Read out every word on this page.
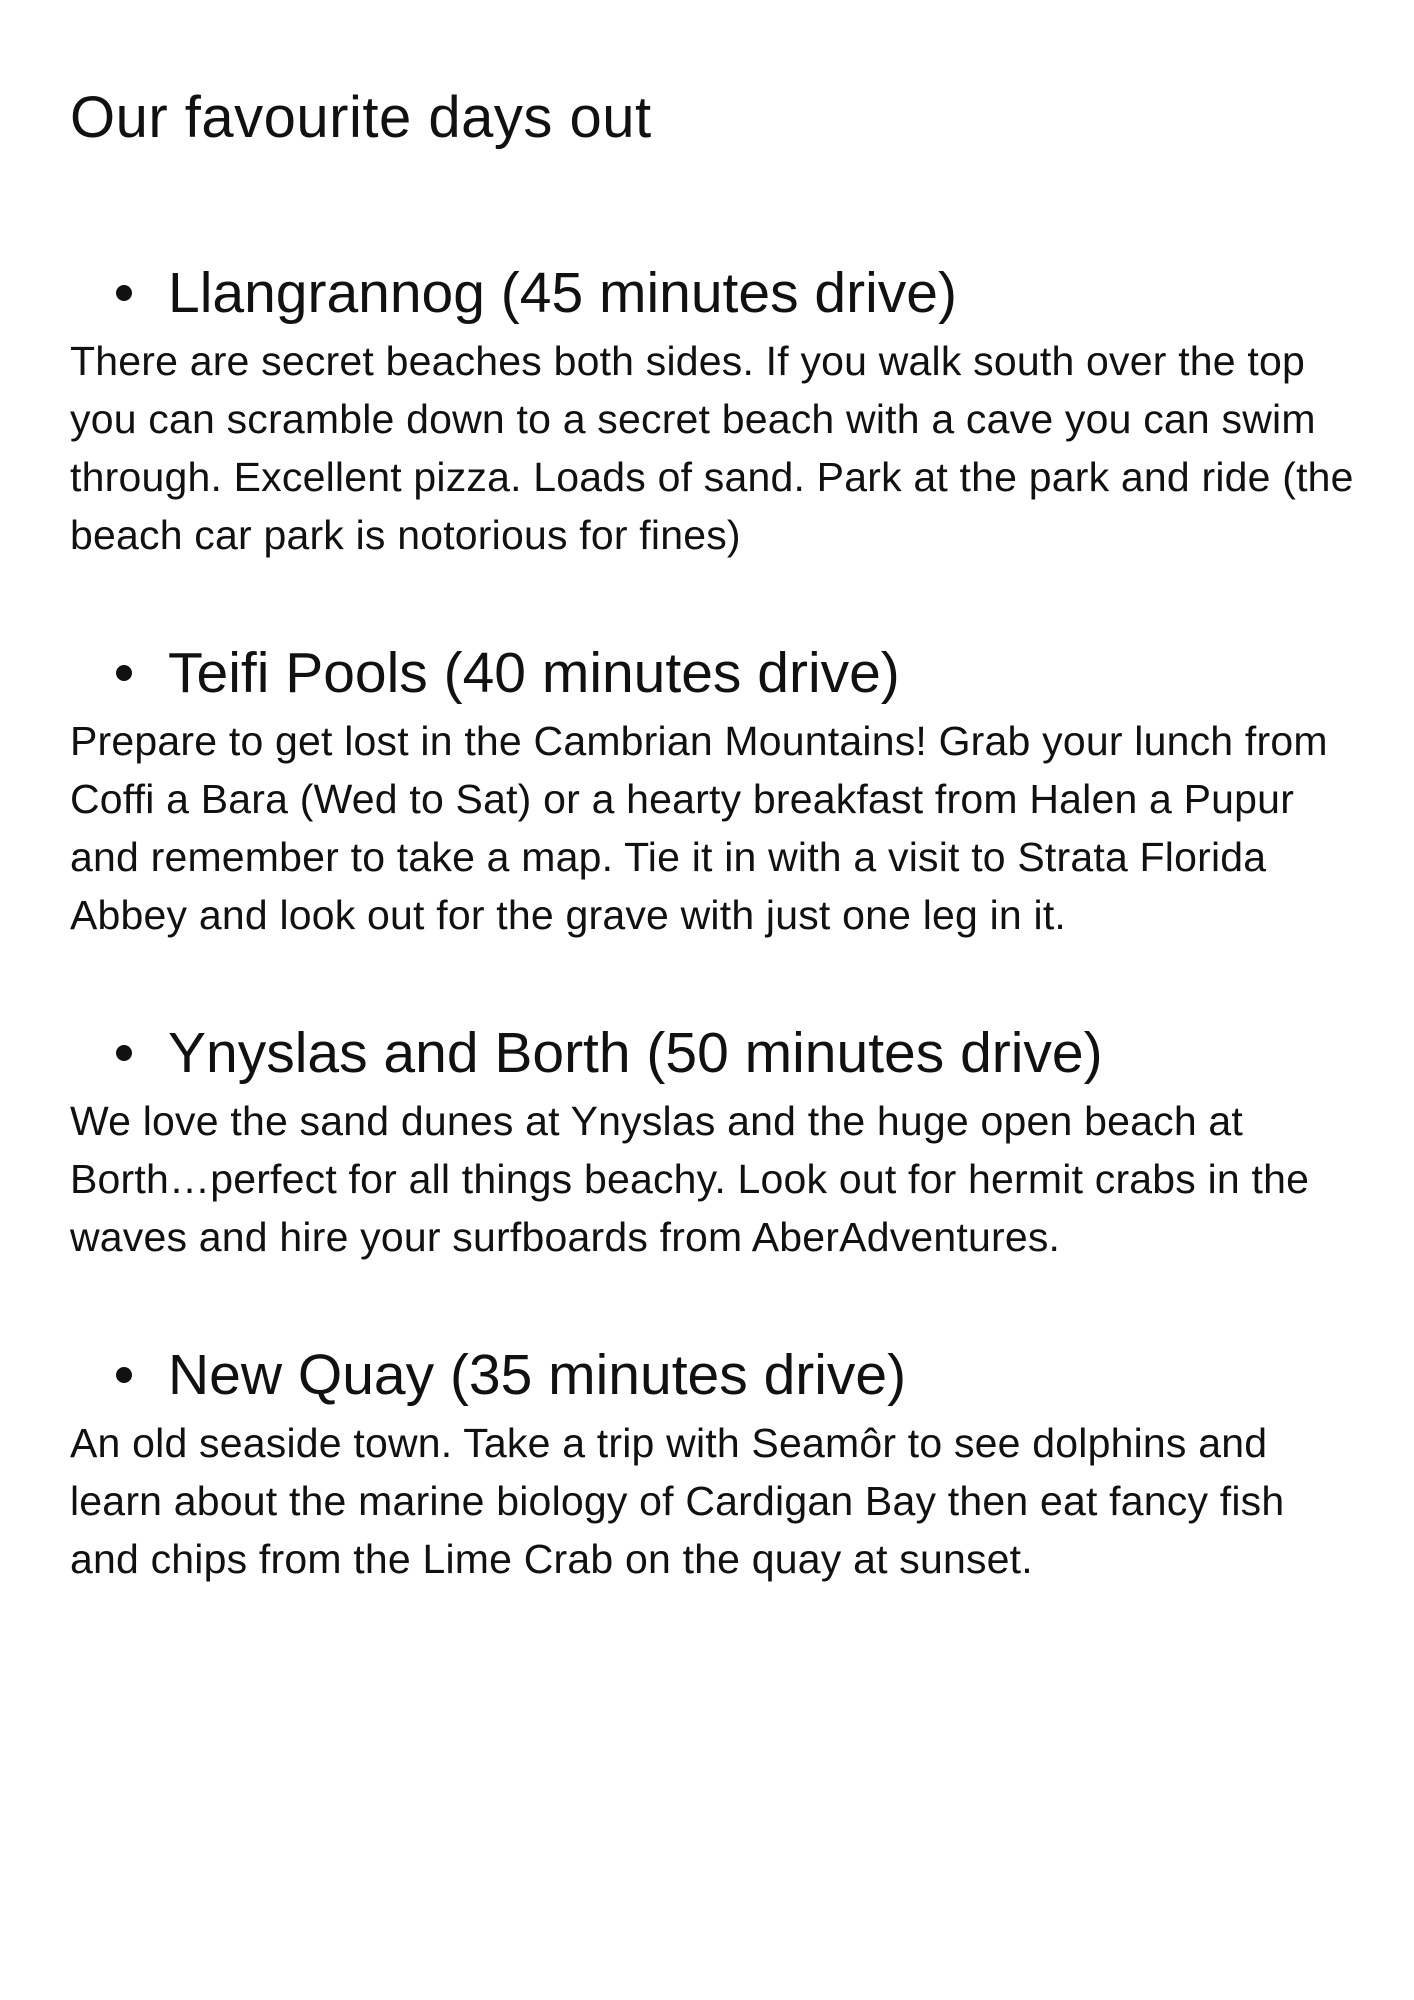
Our favourite days out
Llangrannog (45 minutes drive)

There are secret beaches both sides. If you walk south over the top you can scramble down to a secret beach with a cave you can swim through. Excellent pizza. Loads of sand. Park at the park and ride (the beach car park is notorious for fines)

Teifi Pools (40 minutes drive)

Prepare to get lost in the Cambrian Mountains! Grab your lunch from Coffi a Bara (Wed to Sat) or a hearty breakfast from Halen a Pupur and remember to take a map. Tie it in with a visit to Strata Florida Abbey and look out for the grave with just one leg in it.

Ynyslas and Borth (50 minutes drive)

We love the sand dunes at Ynyslas and the huge open beach at Borth…perfect for all things beachy. Look out for hermit crabs in the waves and hire your surfboards from AberAdventures.

New Quay (35 minutes drive)

An old seaside town. Take a trip with Seamôr to see dolphins and learn about the marine biology of Cardigan Bay then eat fancy fish and chips from the Lime Crab on the quay at sunset.
